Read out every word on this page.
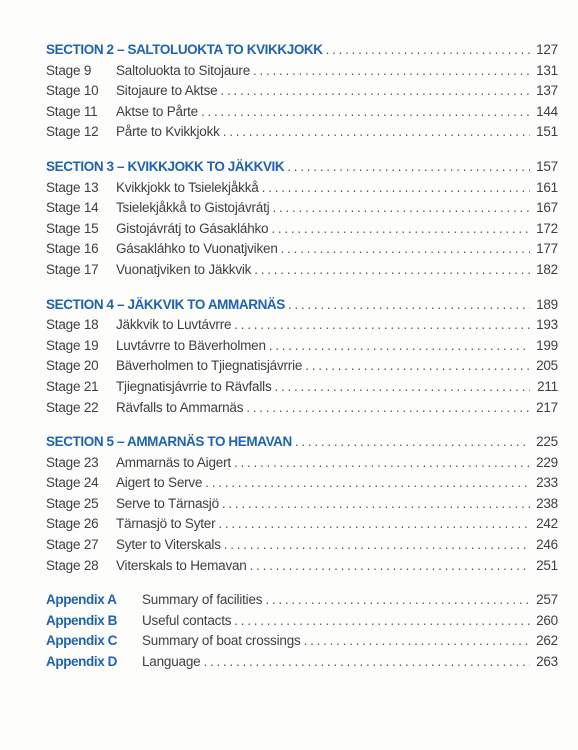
SECTION 2 – SALTOLUOKTA TO KVIKKJOKK . . .	127
Stage 9	Saltoluokta to Sitojaure . . .	131
Stage 10	Sitojaure to Aktse . . .	137
Stage 11	Aktse to Pårte . . .	144
Stage 12	Pårte to Kvikkjokk . . .	151
SECTION 3 – KVIKKJOKK TO JÄKKVIK . . .	157
Stage 13	Kvikkjokk to Tsielekjåkkå . . .	161
Stage 14	Tsielekjåkkå to Gistojávrátj . . .	167
Stage 15	Gistojávrátj to Gásakláhko . . .	172
Stage 16	Gásakláhko to Vuonatjviken . . .	177
Stage 17	Vuonatjviken to Jäkkvik . . .	182
SECTION 4 – JÄKKVIK TO AMMARNÄS . . .	189
Stage 18	Jäkkvik to Luvtávrre . . .	193
Stage 19	Luvtávrre to Bäverholmen . . .	199
Stage 20	Bäverholmen to Tjiegnatisjávrrie . . .	205
Stage 21	Tjiegnatisjávrrie to Rävfalls . . .	211
Stage 22	Rävfalls to Ammarnäs . . .	217
SECTION 5 – AMMARNÄS TO HEMAVAN . . .	225
Stage 23	Ammarnäs to Aigert . . .	229
Stage 24	Aigert to Serve . . .	233
Stage 25	Serve to Tärnasjö . . .	238
Stage 26	Tärnasjö to Syter . . .	242
Stage 27	Syter to Viterskals . . .	246
Stage 28	Viterskals to Hemavan . . .	251
Appendix A	Summary of facilities . . .	257
Appendix B	Useful contacts . . .	260
Appendix C	Summary of boat crossings . . .	262
Appendix D	Language . . .	263
